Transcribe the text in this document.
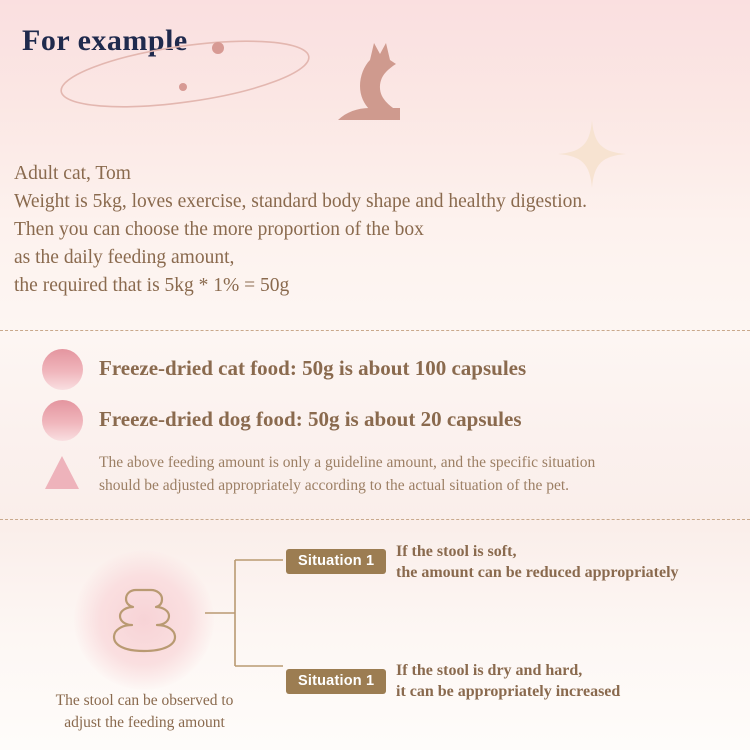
For example
Adult cat, Tom
Weight is 5kg, loves exercise, standard body shape and healthy digestion.
Then you can choose the more proportion of the box
as the daily feeding amount,
the required that is 5kg * 1% = 50g
Freeze-dried cat food: 50g is about 100 capsules
Freeze-dried dog food: 50g is about 20 capsules
The above feeding amount is only a guideline amount, and the specific situation
should be adjusted appropriately according to the actual situation of the pet.
The stool can be observed to
adjust the feeding amount
Situation 1
If the stool is soft,
the amount can be reduced appropriately
Situation 1
If the stool is dry and hard,
it can be appropriately increased
